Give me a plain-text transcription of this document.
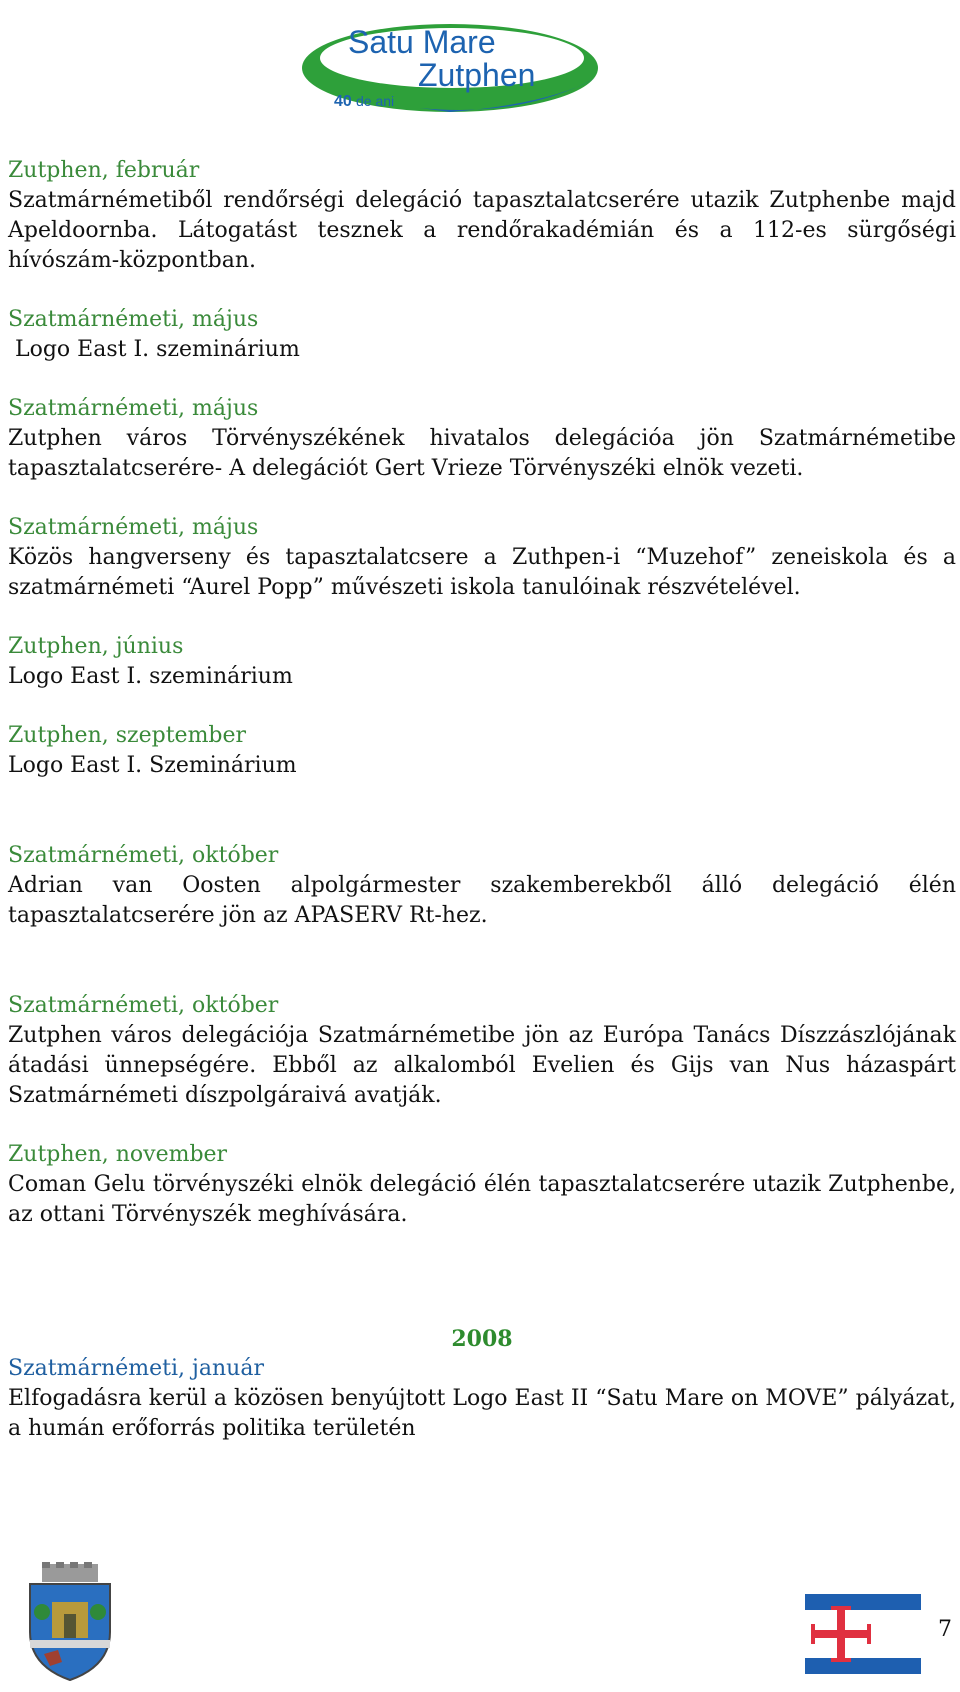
Satu Mare
Zutphen
40 de ani
Zutphen, február
Szatmárnémetiből rendőrségi delegáció tapasztalatcserére utazik Zutphenbe majd Apeldoornba. Látogatást tesznek a rendőrakadémián és a 112-es sürgőségi hívószám-központban.
Szatmárnémeti, május
Logo East I. szeminárium
Szatmárnémeti, május
Zutphen város Törvényszékének hivatalos delegációa jön Szatmárnémetibe tapasztalatcserére- A delegációt Gert Vrieze Törvényszéki elnök vezeti.
Szatmárnémeti, május
Közös hangverseny és tapasztalatcsere a Zuthpen-i “Muzehof” zeneiskola és a szatmárnémeti “Aurel Popp” művészeti iskola tanulóinak részvételével.
Zutphen, június
Logo East I. szeminárium
Zutphen, szeptember
Logo East I. Szeminárium
Szatmárnémeti, október
Adrian van Oosten alpolgármester szakemberekből álló delegáció élén tapasztalatcserére jön az APASERV Rt-hez.
Szatmárnémeti, október
Zutphen város delegációja Szatmárnémetibe jön az Európa Tanács Díszzászlójának átadási ünnepségére. Ebből az alkalomból Evelien és Gijs van Nus házaspárt Szatmárnémeti díszpolgáraivá avatják.
Zutphen, november
Coman Gelu törvényszéki elnök delegáció élén tapasztalatcserére utazik Zutphenbe, az ottani Törvényszék meghívására.
2008
Szatmárnémeti, január
Elfogadásra kerül a közösen benyújtott Logo East II “Satu Mare on MOVE” pályázat, a humán erőforrás politika területén
7
